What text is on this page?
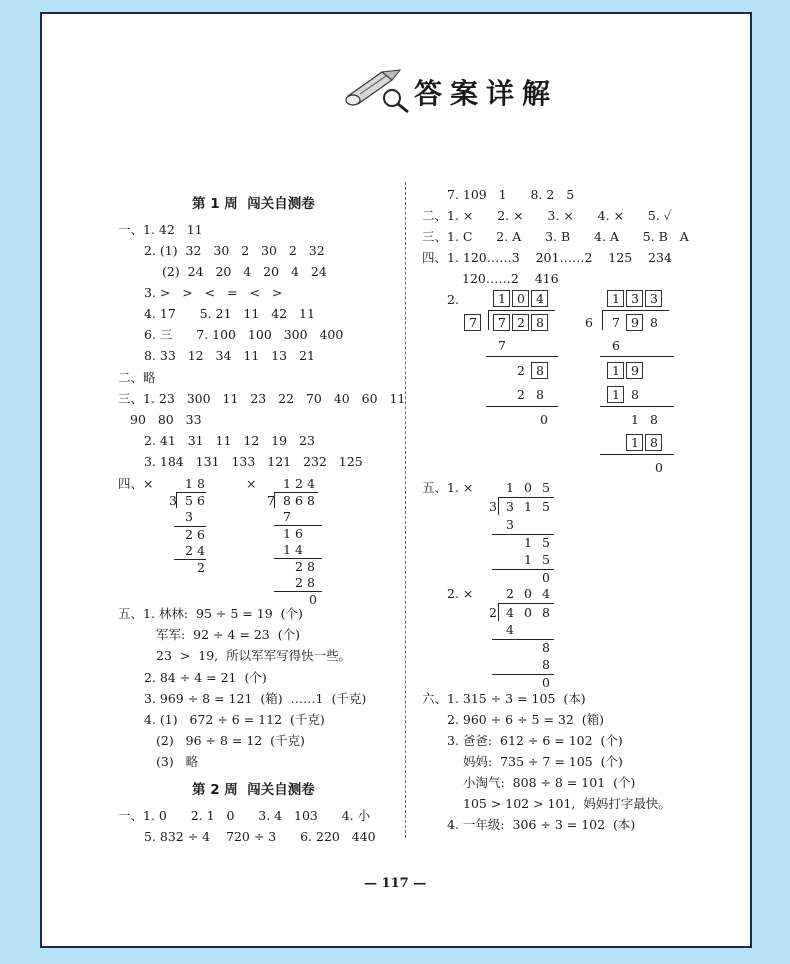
答案详解
第 1 周  闯关自测卷
一、1. 42   11
2. (1)  32   30   2   30   2   32
(2)  24   20   4   20   4   24
3. >   >   <   =   <   >
4. 17      5. 21   11   42   11
6. 三      7. 100   100   300   400
8. 33   12   34   11   13   21
二、略
三、1. 23   300   11   23   22   70   40   60   11
90   80   33
2. 41   31   11   12   19   23
3. 184   131   133   121   232   125
四、×	×
1 8
3 5 6
3
2 6
2 4
2
1 2 4
7 8 6 8
7
1 6
1 4
2 8
2 8
0
五、1. 林林:  95 ÷ 5 = 19  (个)
军军:  92 ÷ 4 = 23  (个)
23  >  19,  所以军军写得快一些。
2. 84 ÷ 4 = 21  (个)
3. 969 ÷ 8 = 121  (箱)  ……1  (千克)
4. (1)   672 ÷ 6 = 112  (千克)
(2)   96 ÷ 8 = 12  (千克)
(3)   略
第 2 周  闯关自测卷
一、1. 0      2. 1   0      3. 4   103      4. 小
5. 832 ÷ 4    720 ÷ 3      6. 220   440
7. 109   1      8. 2   5
二、1. ×      2. ×      3. ×      4. ×      5. ✓
三、1. C      2. A      3. B      4. A      5. B   A
四、1. 120……3    201……2    125    234
120……2    416
2.	1 0 4
7	7 2 8
7
2 8
2 8
0
1 3 3
6	7 9 8
6
1 9
1 8
1 8
1 8
0
五、1. ×	1 0 5
3 3 1 5
3
1 5
1 5
0
2. ×	2 0 4
2 4 0 8
4
8
8
0
六、1. 315 ÷ 3 = 105  (本)
2. 960 ÷ 6 ÷ 5 = 32  (箱)
3. 爸爸:  612 ÷ 6 = 102  (个)
妈妈:  735 ÷ 7 = 105  (个)
小淘气:  808 ÷ 8 = 101  (个)
105 > 102 > 101,  妈妈打字最快。
4. 一年级:  306 ÷ 3 = 102  (本)
— 117 —
